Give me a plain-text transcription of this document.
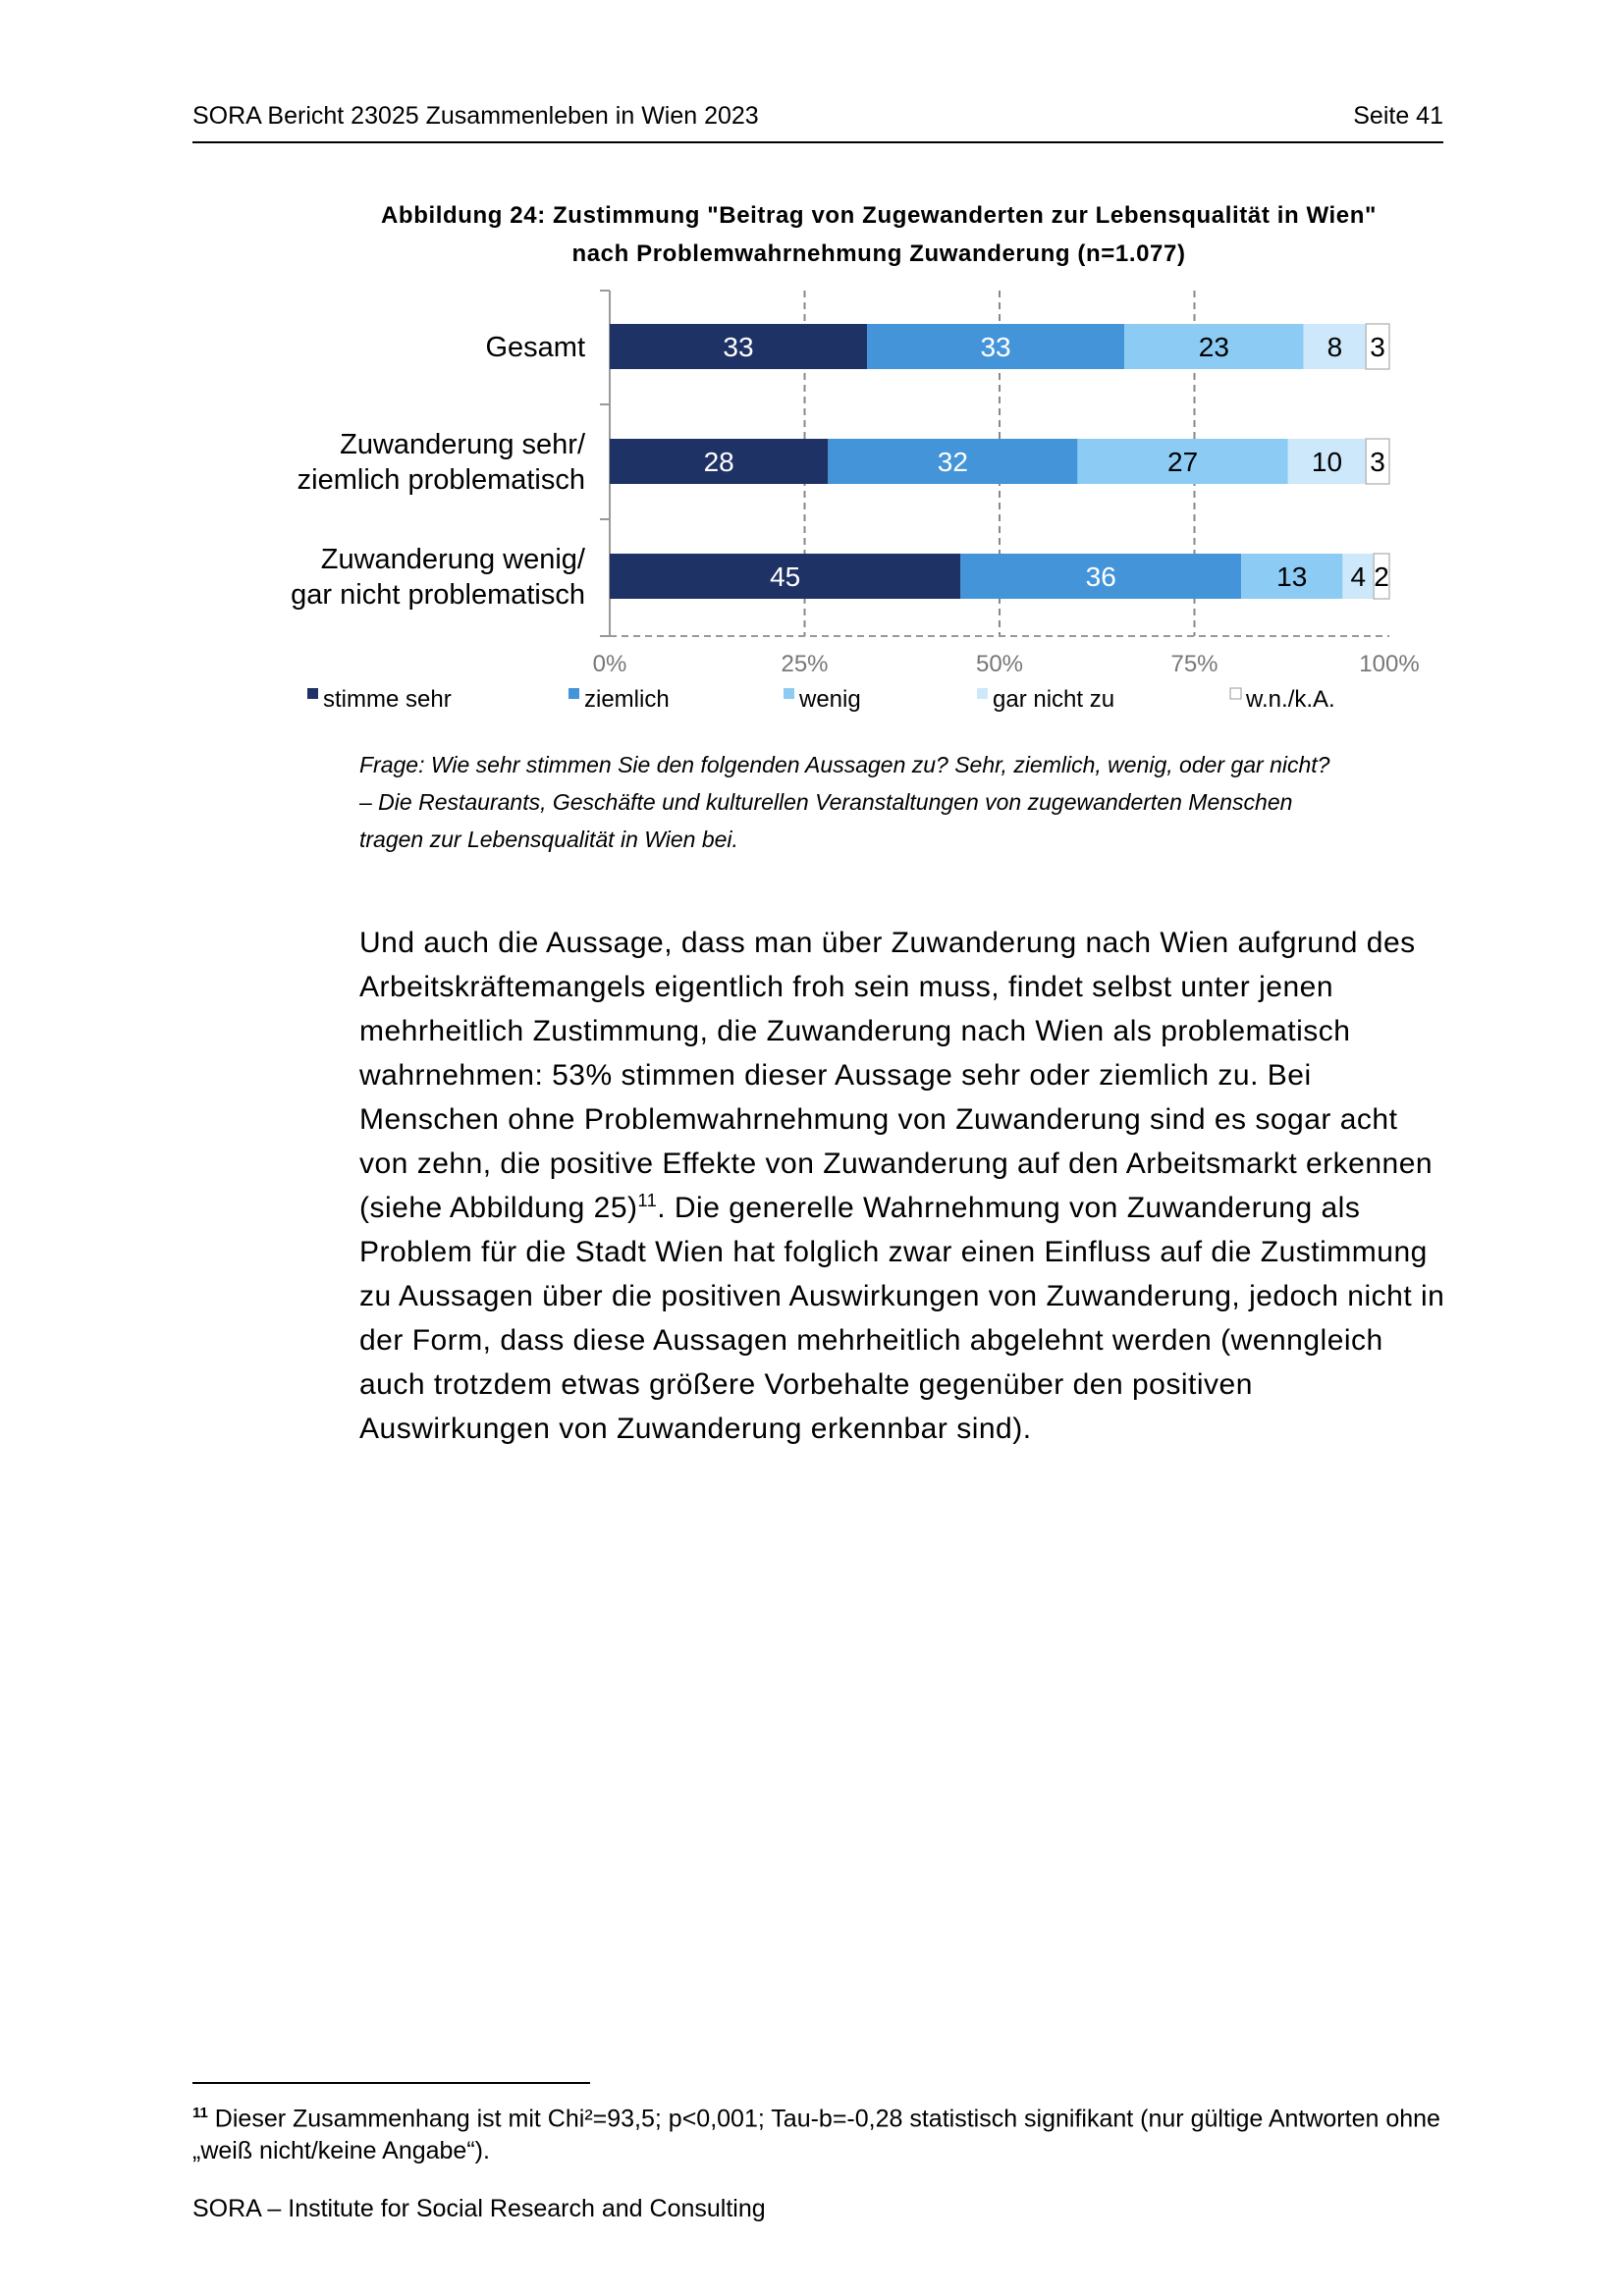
SORA Bericht 23025 Zusammenleben in Wien 2023	Seite 41
Abbildung 24: Zustimmung "Beitrag von Zugewanderten zur Lebensqualität in Wien"
nach Problemwahrnehmung Zuwanderung (n=1.077)
0%	25%	50%	75%	100%
Gesamt
Zuwanderung sehr/
ziemlich problematisch
Zuwanderung wenig/
gar nicht problematisch
33	33	23	8 3
28	32	27	10 3
45	36	13 4 2
stimme sehr	ziemlich	wenig	gar nicht zu	w.n./k.A.
Frage: Wie sehr stimmen Sie den folgenden Aussagen zu? Sehr, ziemlich, wenig, oder gar nicht?
– Die Restaurants, Geschäfte und kulturellen Veranstaltungen von zugewanderten Menschen
tragen zur Lebensqualität in Wien bei.
Und auch die Aussage, dass man über Zuwanderung nach Wien aufgrund des Arbeitskräftemangels eigentlich froh sein muss, findet selbst unter jenen mehrheitlich Zustimmung, die Zuwanderung nach Wien als problematisch wahrnehmen: 53% stimmen dieser Aussage sehr oder ziemlich zu. Bei Menschen ohne Problemwahrnehmung von Zuwanderung sind es sogar acht von zehn, die positive Effekte von Zuwanderung auf den Arbeitsmarkt erkennen (siehe Abbildung 25)$^{11}$. Die generelle Wahrnehmung von Zuwanderung als Problem für die Stadt Wien hat folglich zwar einen Einfluss auf die Zustimmung zu Aussagen über die positiven Auswirkungen von Zuwanderung, jedoch nicht in der Form, dass diese Aussagen mehrheitlich abgelehnt werden (wenngleich auch trotzdem etwas größere Vorbehalte gegenüber den positiven Auswirkungen von Zuwanderung erkennbar sind).
$^{11}$ Dieser Zusammenhang ist mit Chi²=93,5; p<0,001; Tau-b=-0,28 statistisch signifikant (nur gültige Antworten ohne „weiß nicht/keine Angabe“).
SORA – Institute for Social Research and Consulting
